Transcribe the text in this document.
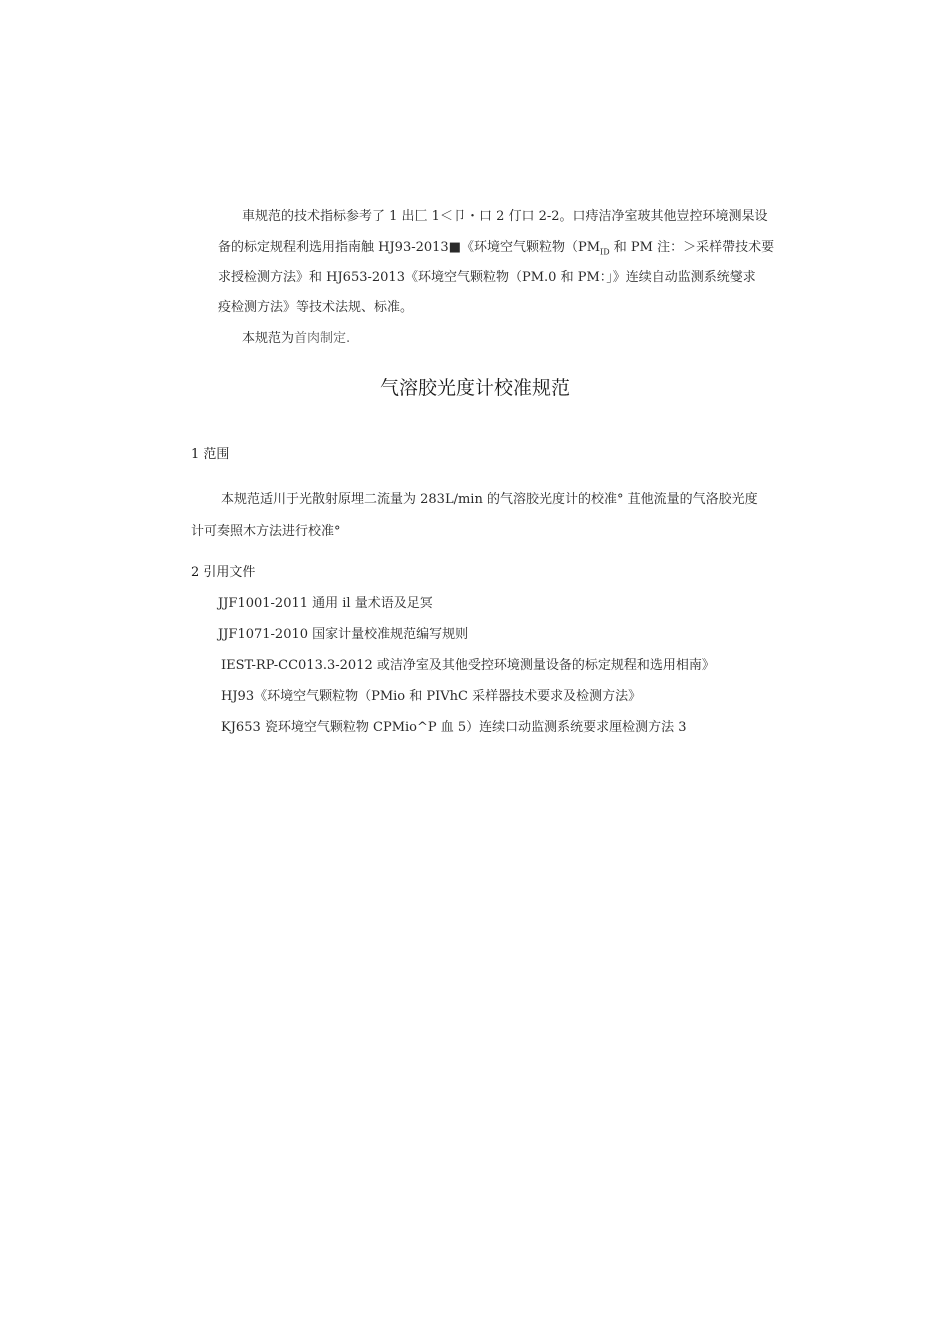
車规范的技术指标参考了 1 出匚 1＜卩・口 2 仃口 2-2。口痔洁净室玻其他豈控环境测杲设
备的标定规程利选用指南触 HJ93-2013■《环境空气颗粒物（$PM_{ID}$ 和 PM 注：＞采样帶技术要
求授检测方法》和 HJ653-2013《环境空气颗粒物（PM.0 和 PM：」》连续自动监测系统燮求
疫检测方法》等技术法规、标准。
本规范为首肉制定.
气溶胶光度计校准规范
1 范围
本规范适川于光散射原埋二流量为 283L/min 的气溶胶光度计的校准° 苴他流量的气洛胶光度
计可奏照木方法进行校准°
2 引用文件
JJF1001-2011 通用 il 量术语及足冥
JJF1071-2010 国家计量校准规范编写规则
IEST-RP-CC013.3-2012 或洁净室及其他受控环境测量设备的标定规程和选用相南》
HJ93《环境空气颗粒物（PMio 和 PIVhC 采样器技术要求及检测方法》
KJ653 瓷环境空气颗粒物 CPMio^P 血 5）连续口动监测系统要求厘检测方法 3
